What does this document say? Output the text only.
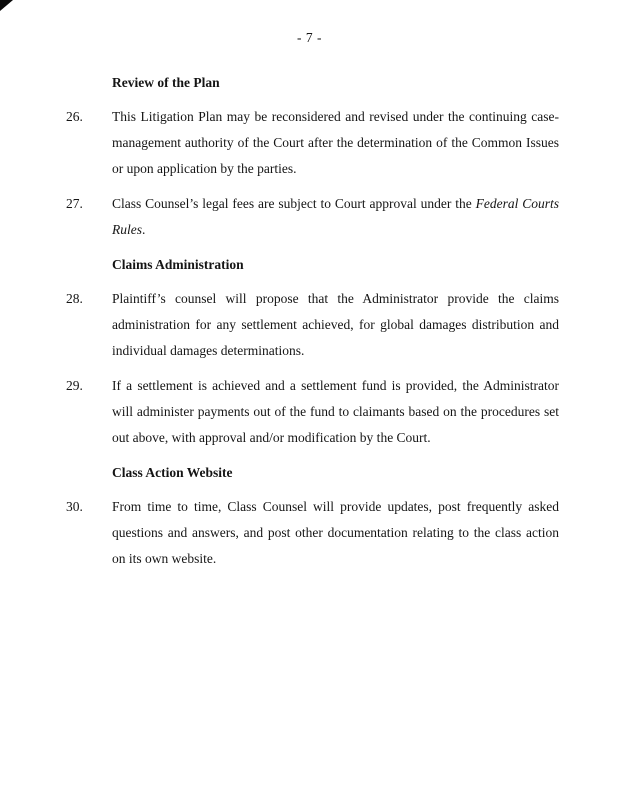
- 7 -
Review of the Plan
26. This Litigation Plan may be reconsidered and revised under the continuing case-management authority of the Court after the determination of the Common Issues or upon application by the parties.

27. Class Counsel’s legal fees are subject to Court approval under the Federal Courts Rules.

Claims Administration
28. Plaintiff’s counsel will propose that the Administrator provide the claims administration for any settlement achieved, for global damages distribution and individual damages determinations.

29. If a settlement is achieved and a settlement fund is provided, the Administrator will administer payments out of the fund to claimants based on the procedures set out above, with approval and/or modification by the Court.

Class Action Website
30. From time to time, Class Counsel will provide updates, post frequently asked questions and answers, and post other documentation relating to the class action on its own website.
